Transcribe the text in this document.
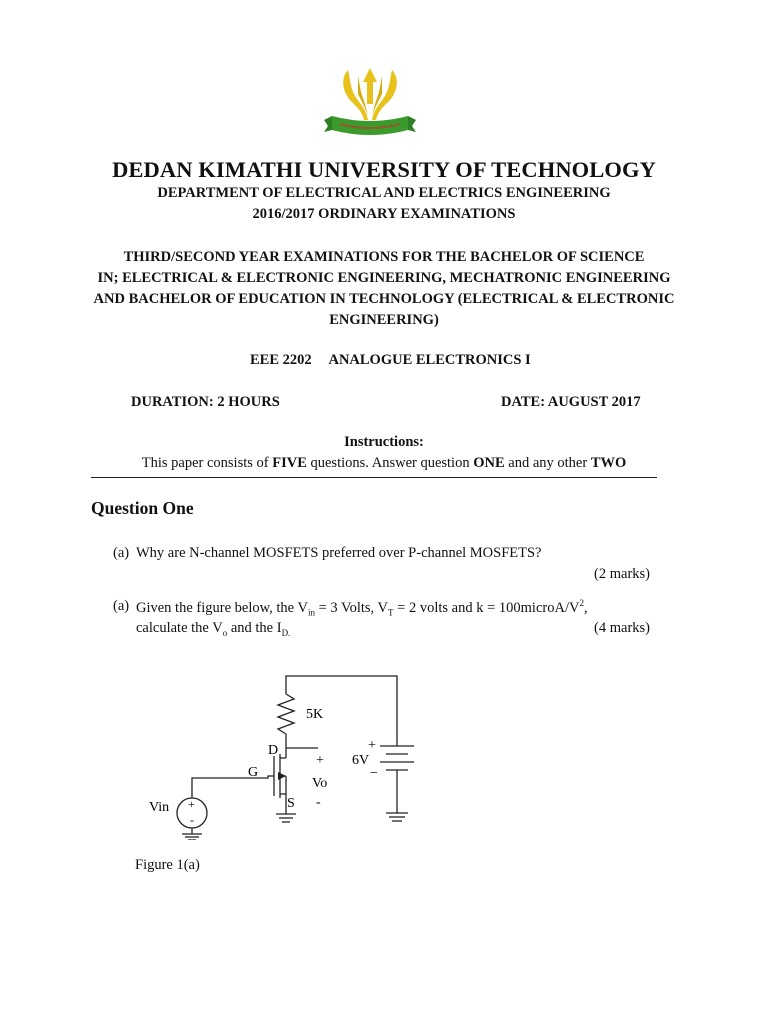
DEDAN KIMATHI UNIVERSITY OF TECHNOLOGY
DEPARTMENT OF ELECTRICAL AND ELECTRICS ENGINEERING
2016/2017 ORDINARY EXAMINATIONS
THIRD/SECOND YEAR EXAMINATIONS FOR THE BACHELOR OF SCIENCE
IN; ELECTRICAL & ELECTRONIC ENGINEERING, MECHATRONIC ENGINEERING
AND BACHELOR OF EDUCATION IN TECHNOLOGY (ELECTRICAL & ELECTRONIC
ENGINEERING)
EEE 2202 ANALOGUE ELECTRONICS I
DURATION: 2 HOURS	DATE: AUGUST 2017
Instructions:
This paper consists of FIVE questions. Answer question ONE and any other TWO
Question One
(a) Why are N-channel MOSFETS preferred over P-channel MOSFETS?
(2 marks)
(a) Given the figure below, the $V_{in} = 3$ Volts, $V_T = 2$ volts and $k = 100microA/V^2$,
calculate the $V_o$ and the $I_{D.}$	(4 marks)
5K
D
G
S
+
Vo
-
6V
+
−
Vin +
-
Figure 1(a)
